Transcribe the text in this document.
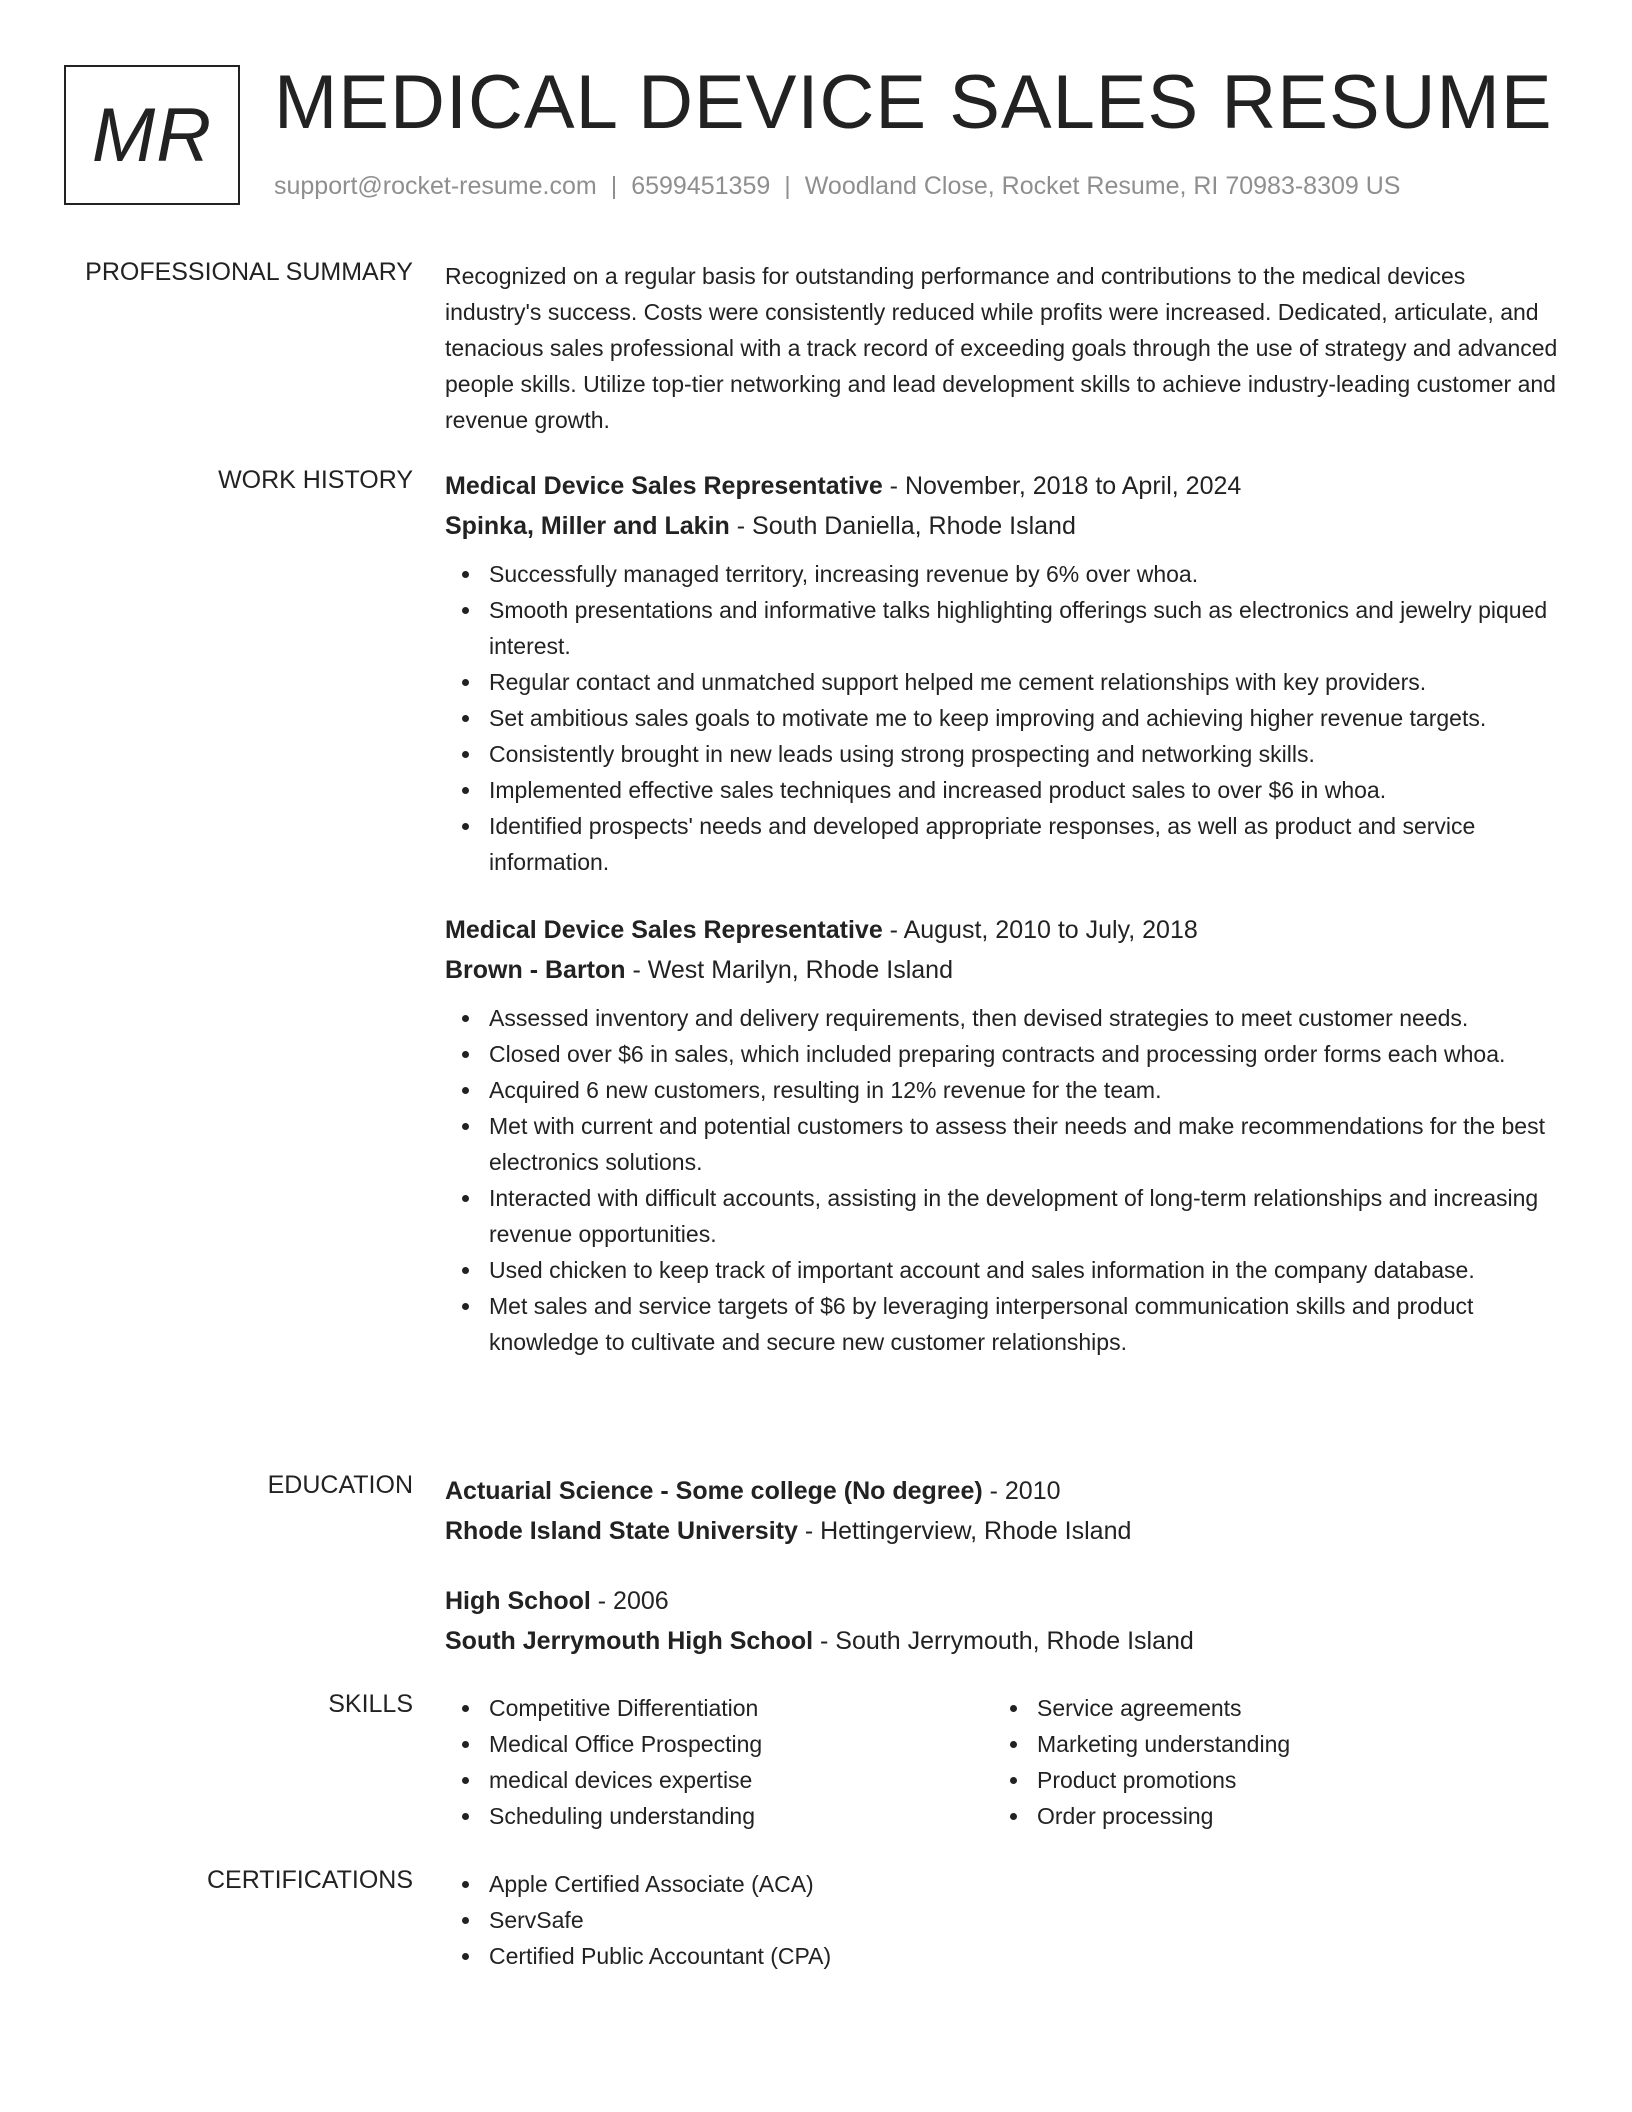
MR MEDICAL DEVICE SALES RESUME
support@rocket-resume.com | 6599451359 | Woodland Close, Rocket Resume, RI 70983-8309 US
PROFESSIONAL SUMMARY Recognized on a regular basis for outstanding performance and contributions to the medical devices industry's success. Costs were consistently reduced while profits were increased. Dedicated, articulate, and tenacious sales professional with a track record of exceeding goals through the use of strategy and advanced people skills. Utilize top-tier networking and lead development skills to achieve industry-leading customer and revenue growth.

WORK HISTORY Medical Device Sales Representative - November, 2018 to April, 2024
Spinka, Miller and Lakin - South Daniella, Rhode Island
Successfully managed territory, increasing revenue by 6% over whoa.
Smooth presentations and informative talks highlighting offerings such as electronics and jewelry piqued interest.
Regular contact and unmatched support helped me cement relationships with key providers.
Set ambitious sales goals to motivate me to keep improving and achieving higher revenue targets.
Consistently brought in new leads using strong prospecting and networking skills.
Implemented effective sales techniques and increased product sales to over $6 in whoa.
Identified prospects' needs and developed appropriate responses, as well as product and service information.
Medical Device Sales Representative - August, 2010 to July, 2018
Brown - Barton - West Marilyn, Rhode Island
Assessed inventory and delivery requirements, then devised strategies to meet customer needs.
Closed over $6 in sales, which included preparing contracts and processing order forms each whoa.
Acquired 6 new customers, resulting in 12% revenue for the team.
Met with current and potential customers to assess their needs and make recommendations for the best electronics solutions.
Interacted with difficult accounts, assisting in the development of long-term relationships and increasing revenue opportunities.
Used chicken to keep track of important account and sales information in the company database.
Met sales and service targets of $6 by leveraging interpersonal communication skills and product knowledge to cultivate and secure new customer relationships.
EDUCATION Actuarial Science - Some college (No degree) - 2010
Rhode Island State University - Hettingerview, Rhode Island
High School - 2006
South Jerrymouth High School - South Jerrymouth, Rhode Island
SKILLS	Competitive Differentiation
Medical Office Prospecting
medical devices expertise
Scheduling understanding
Service agreements
Marketing understanding
Product promotions
Order processing
CERTIFICATIONS	Apple Certified Associate (ACA)
ServSafe
Certified Public Accountant (CPA)
